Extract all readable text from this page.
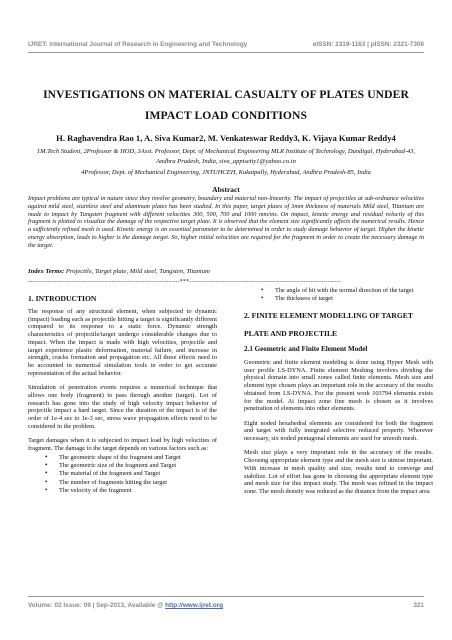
IJRET: International Journal of Research in Engineering and Technology	eISSN: 2319-1163 | pISSN: 2321-7308
INVESTIGATIONS ON MATERIAL CASUALTY OF PLATES UNDER IMPACT LOAD CONDITIONS
H. Raghavendra Rao 1, A. Siva Kumar2, M. Venkateswar Reddy3, K. Vijaya Kumar Reddy4
1M.Tech Student, 2Professor & HOD, 3Asst. Professor, Dept. of Mechanical Engineering MLR Institute of Technology, Dundigal, Hyderabad-43, Andhra Pradesh, India, siva_appisetty1@yahoo.co.in
4Professor, Dept. of Mechanical Engineering, JNTUHCEH, Kukatpally, Hyderabad, Andhra Pradesh-85, India
Abstract
Impact problems are typical in nature since they involve geometry, boundary and material non-linearity. The impact of projectiles at sub-ordnance velocities against mild steel, stainless steel and aluminum plates has been studied. In this paper, target plates of 3mm thickness of materials Mild steel, Titanium are made to impact by Tungsten fragment with different velocities 300, 500, 700 and 1000 mm/ms. On impact, kinetic energy and residual velocity of this fragment is plotted to visualize the damage of the respective target plate. It is observed that the element size significantly affects the numerical results. Hence a sufficiently refined mesh is used. Kinetic energy is an essential parameter to be determined in order to study damage behavior of target. Higher the kinetic energy absorption, leads to higher is the damage target. So, higher initial velocities are required for the fragment in order to create the necessary damage in the target.
Index Terms: Projectile, Target plate, Mild steel, Tungsten, Titanium
---------------------------------------------------------------------***---------------------------------------------------------------------
1. INTRODUCTION

The response of any structural element, when subjected to dynamic (impact) loading such as projectile hitting a target is significantly different compared to its response to a static force. Dynamic strength characteristics of projectile/target undergo considerable changes due to impact. When the impact is made with high velocities, projectile and target experience plastic deformation, material failure, and increase in strength, cracks formation and propagation etc. All these effects need to be accounted in numerical simulation tools in order to get accurate representation of the actual behavior.

Simulation of penetration events requires a numerical technique that allows one body (fragment) to pass through another (target). Lot of research has gone into the study of high velocity impact behavior of projectile impact a hard target. Since the duration of the impact is of the order of 1e-4 sec to 1e-3 sec, stress wave propagation effects need to be considered in the problem.

Target damages when it is subjected to impact load by high velocities of fragment. The damage to the target depends on various factors such as:

• The geometric shape of the fragment and Target
• The geometric size of the fragment and Target
• The material of the fragment and Target
• The number of fragments hitting the target
• The velocity of the fragment
• The angle of hit with the normal direction of the target
• The thickness of target
2. FINITE ELEMENT MODELLING OF TARGET PLATE AND PROJECTILE
2.1 Geometric and Finite Element Model

Geometric and finite element modeling is done using Hyper Mesh with user profile LS-DYNA. Finite element Meshing involves dividing the physical domain into small zones called finite elements. Mesh size and element type chosen plays an important role in the accuracy of the results obtained from LS-DYNA. For the present work 103794 elements exists for the model. At impact zone fine mesh is chosen as it involves penetration of elements into other elements.

Eight noded hexahedral elements are considered for both the fragment and target with fully integrated selective reduced property. Wherever necessary, six noded pentagonal elements are used for smooth mesh.

Mesh size plays a very important role in the accuracy of the results. Choosing appropriate element type and the mesh size is utmost important. With increase in mesh quality and size, results tend to converge and stabilize. Lot of effort has gone in choosing the appropriate element type and mesh size for this impact study. The mesh was refined in the impact zone. The mesh density was reduced as the distance from the impact area

Volume: 02 Issue: 09 | Sep-2013, Available @ http://www.ijret.org	321
